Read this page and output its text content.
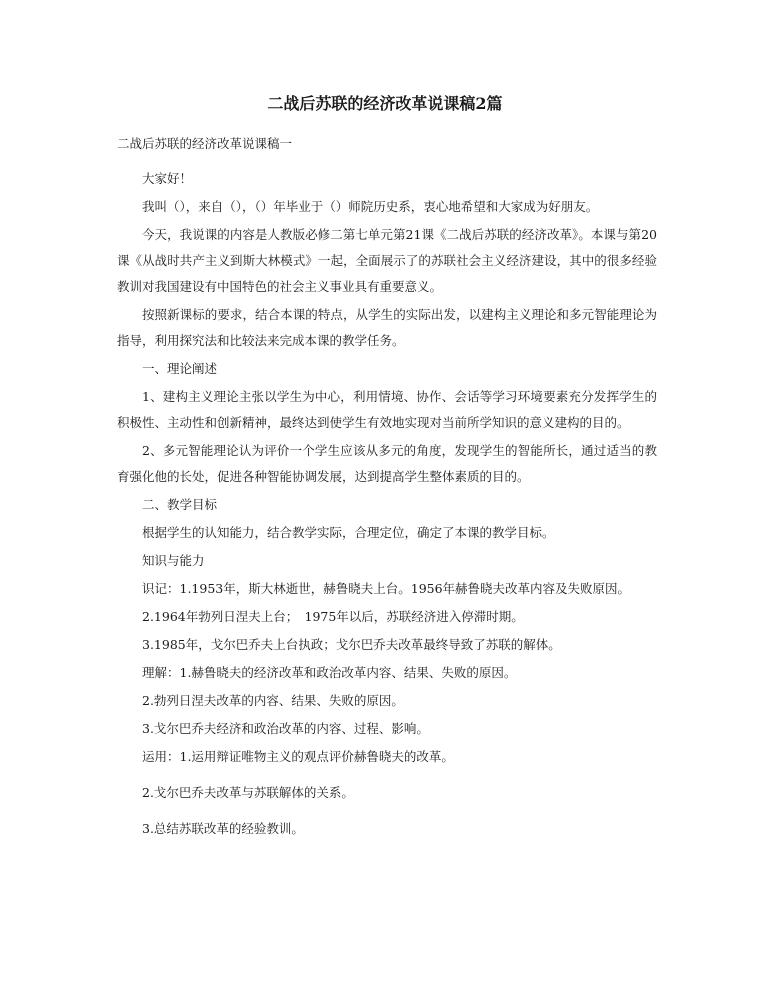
二战后苏联的经济改革说课稿2篇

二战后苏联的经济改革说课稿一

大家好！

我叫（），来自（），（）年毕业于（）师院历史系，衷心地希望和大家成为好朋友。

今天，我说课的内容是人教版必修二第七单元第21课《二战后苏联的经济改革》。本课与第20课《从战时共产主义到斯大林模式》一起，全面展示了的苏联社会主义经济建设，其中的很多经验教训对我国建设有中国特色的社会主义事业具有重要意义。

按照新课标的要求，结合本课的特点，从学生的实际出发，以建构主义理论和多元智能理论为指导，利用探究法和比较法来完成本课的教学任务。

一、理论阐述

1、建构主义理论主张以学生为中心，利用情境、协作、会话等学习环境要素充分发挥学生的积极性、主动性和创新精神，最终达到使学生有效地实现对当前所学知识的意义建构的目的。

2、多元智能理论认为评价一个学生应该从多元的角度，发现学生的智能所长，通过适当的教育强化他的长处，促进各种智能协调发展，达到提高学生整体素质的目的。

二、教学目标

根据学生的认知能力，结合教学实际，合理定位，确定了本课的教学目标。

知识与能力

识记：1.1953年，斯大林逝世，赫鲁晓夫上台。1956年赫鲁晓夫改革内容及失败原因。

2.1964年勃列日涅夫上台；　1975年以后，苏联经济进入停滞时期。

3.1985年，戈尔巴乔夫上台执政；戈尔巴乔夫改革最终导致了苏联的解体。

理解：1.赫鲁晓夫的经济改革和政治改革内容、结果、失败的原因。

2.勃列日涅夫改革的内容、结果、失败的原因。

3.戈尔巴乔夫经济和政治改革的内容、过程、影响。

运用：1.运用辩证唯物主义的观点评价赫鲁晓夫的改革。

2.戈尔巴乔夫改革与苏联解体的关系。

3.总结苏联改革的经验教训。
